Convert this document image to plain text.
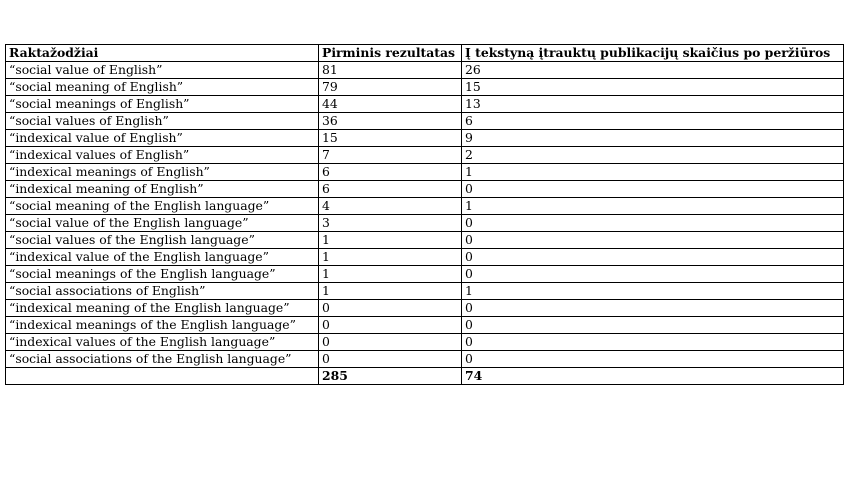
Raktažodžiai	Pirminis rezultatas	Į tekstyną įtrauktų publikacijų skaičius po peržiūros
“social value of English”	81	26
“social meaning of English”	79	15
“social meanings of English”	44	13
“social values of English”	36	6
“indexical value of English”	15	9
“indexical values of English”	7	2
“indexical meanings of English”	6	1
“indexical meaning of English”	6	0
“social meaning of the English language”	4	1
“social value of the English language”	3	0
“social values of the English language”	1	0
“indexical value of the English language”	1	0
“social meanings of the English language”	1	0
“social associations of English”	1	1
“indexical meaning of the English language”	0	0
“indexical meanings of the English language”	0	0
“indexical values of the English language”	0	0
“social associations of the English language”	0	0
	285	74
